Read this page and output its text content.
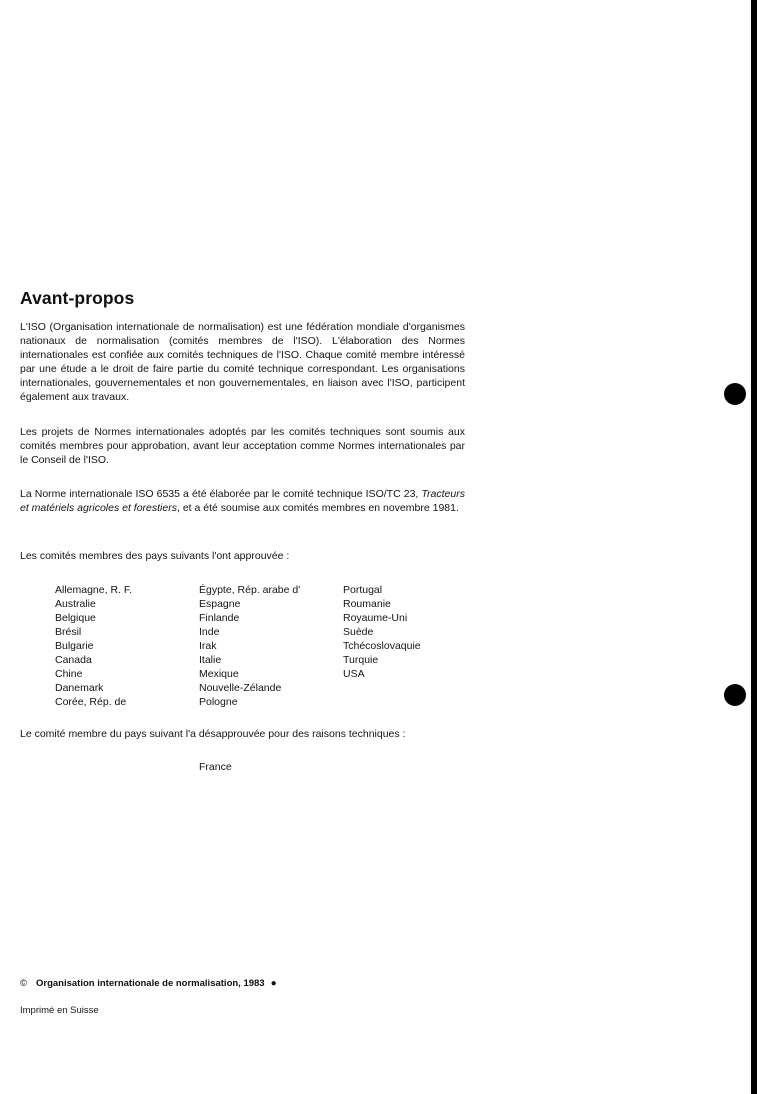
Avant-propos

L'ISO (Organisation internationale de normalisation) est une fédération mondiale d'organismes nationaux de normalisation (comités membres de l'ISO). L'élaboration des Normes internationales est confiée aux comités techniques de l'ISO. Chaque comité membre intéressé par une étude a le droit de faire partie du comité technique correspondant. Les organisations internationales, gouvernementales et non gouvernementales, en liaison avec l'ISO, participent également aux travaux.

Les projets de Normes internationales adoptés par les comités techniques sont soumis aux comités membres pour approbation, avant leur acceptation comme Normes internationales par le Conseil de l'ISO.

La Norme internationale ISO 6535 a été élaborée par le comité technique ISO/TC 23, Tracteurs et matériels agricoles et forestiers, et a été soumise aux comités membres en novembre 1981.

Les comités membres des pays suivants l'ont approuvée :

Allemagne, R. F.
Australie
Belgique
Brésil
Bulgarie
Canada
Chine
Danemark
Corée, Rép. de
Égypte, Rép. arabe d'
Espagne
Finlande
Inde
Irak
Italie
Mexique
Nouvelle-Zélande
Pologne
Portugal
Roumanie
Royaume-Uni
Suède
Tchécoslovaquie
Turquie
USA

Le comité membre du pays suivant l'a désapprouvée pour des raisons techniques :

France
© Organisation internationale de normalisation, 1983 ●
Imprimé en Suisse
